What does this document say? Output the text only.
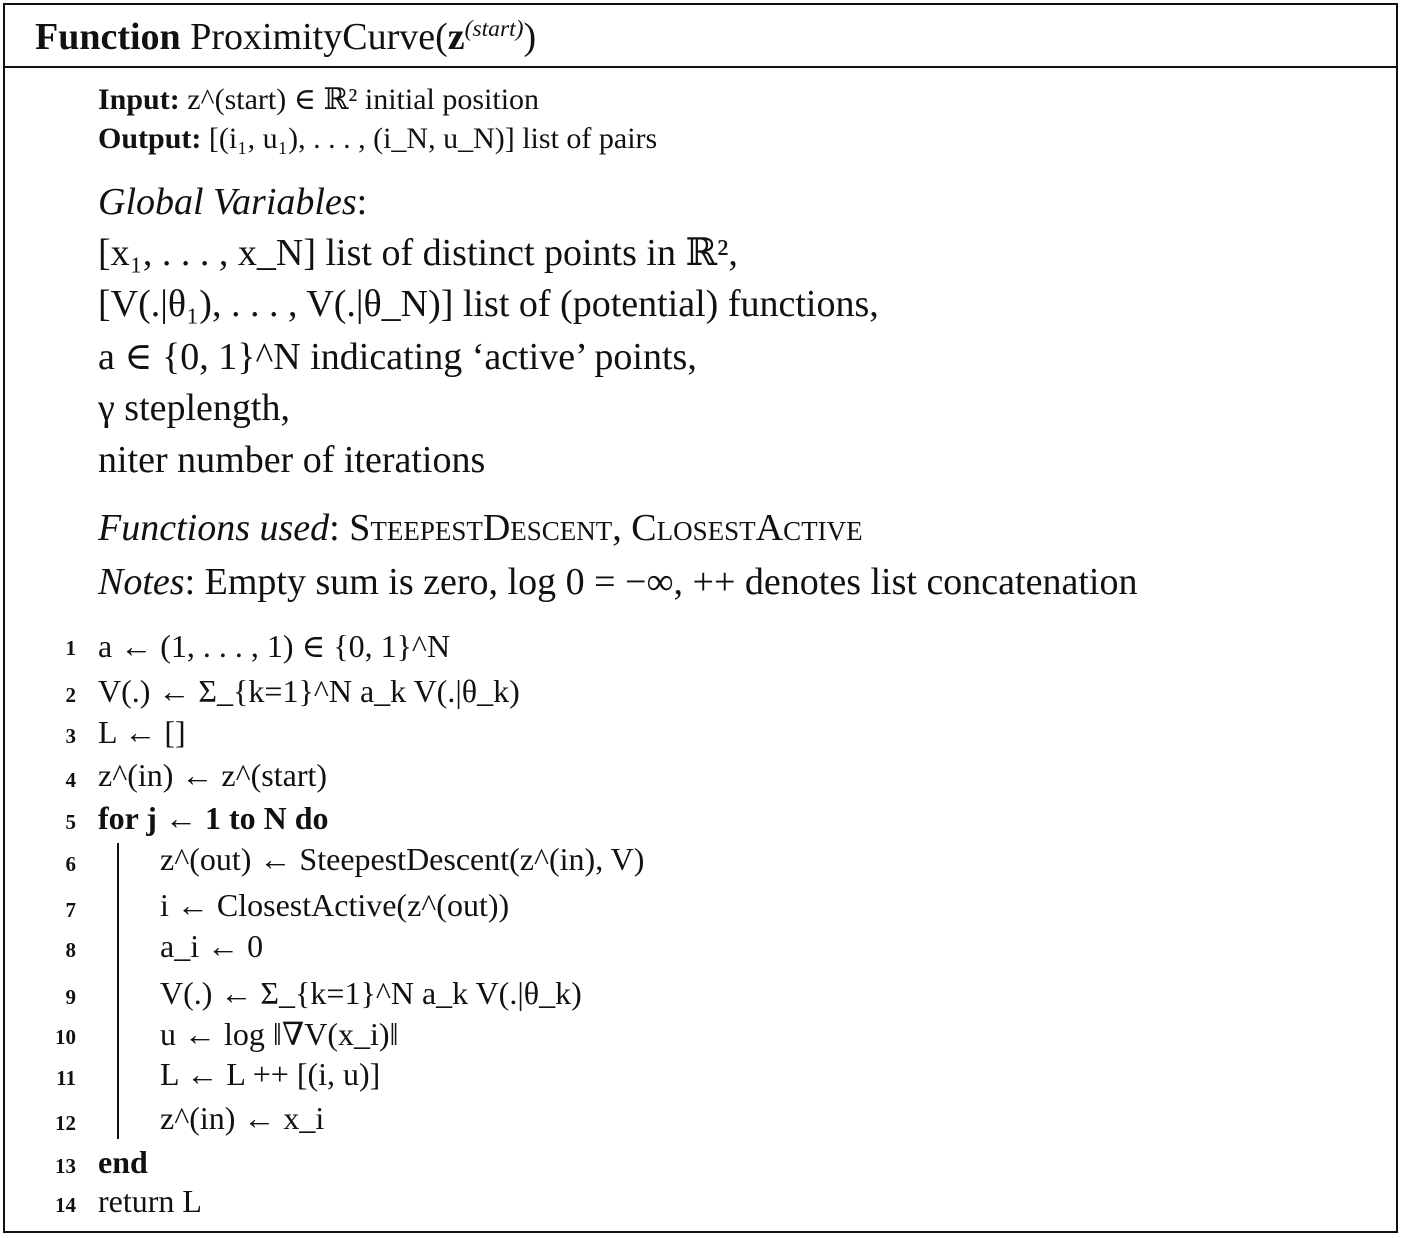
Function $ProximityCurve(z^{(start)})$
Input: z^(start) ∈ ℝ² initial position
Output: [(i₁, u₁), . . . , (i_N, u_N)] list of pairs
Global Variables:
[x₁, . . . , x_N] list of distinct points in ℝ²,
[V(.|θ₁), . . . , V(.|θ_N)] list of (potential) functions,
a ∈ {0, 1}^N indicating ‘active’ points,
γ steplength,
niter number of iterations
Functions used: SteepestDescent, ClosestActive
Notes: Empty sum is zero, log 0 = −∞, ++ denotes list concatenation
1
2
3
4
5
6
7
8
9
10
11
12
13
14
a ← (1, . . . , 1) ∈ {0, 1}^N
V(.) ← Σ_{k=1}^N a_k V(.|θ_k)
L ← []
z^(in) ← z^(start)
for j ← 1 to N do
z^(out) ← SteepestDescent(z^(in), V)
i ← ClosestActive(z^(out))
a_i ← 0
V(.) ← Σ_{k=1}^N a_k V(.|θ_k)
u ← log ‖∇V(x_i)‖
L ← L ++ [(i, u)]
z^(in) ← x_i
end
return L
